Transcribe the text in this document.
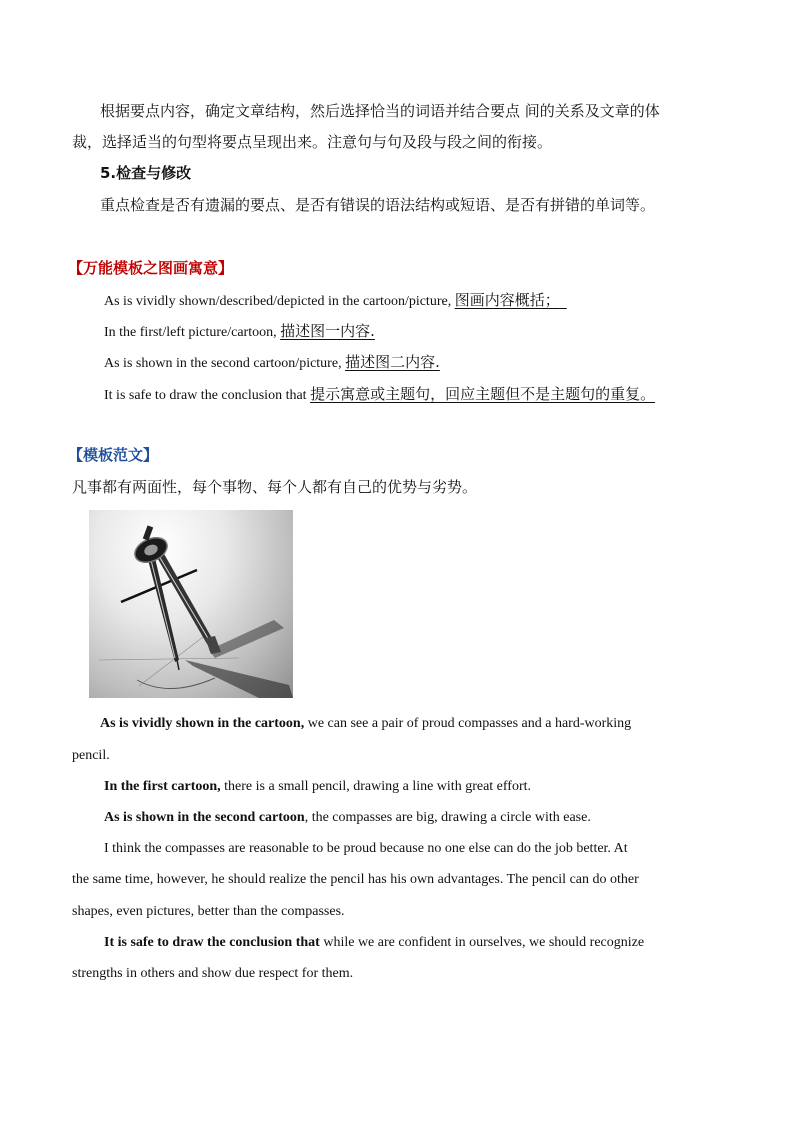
根据要点内容，确定文章结构，然后选择恰当的词语并结合要点 间的关系及文章的体
裁，选择适当的句型将要点呈现出来。注意句与句及段与段之间的衔接。
5.检查与修改
重点检查是否有遗漏的要点、是否有错误的语法结构或短语、是否有拼错的单词等。
【万能模板之图画寓意】
As is vividly shown/described/depicted in the cartoon/picture, 图画内容概括；
In the first/left picture/cartoon, 描述图一内容.
As is shown in the second cartoon/picture, 描述图二内容.
It is safe to draw the conclusion that 提示寓意或主题句，回应主题但不是主题句的重复。
【模板范文】
凡事都有两面性，每个事物、每个人都有自己的优势与劣势。
As is vividly shown in the cartoon, we can see a pair of proud compasses and a hard-working
pencil.
In the first cartoon, there is a small pencil, drawing a line with great effort.
As is shown in the second cartoon, the compasses are big, drawing a circle with ease.
I think the compasses are reasonable to be proud because no one else can do the job better. At
the same time, however, he should realize the pencil has his own advantages. The pencil can do other
shapes, even pictures, better than the compasses.
It is safe to draw the conclusion that while we are confident in ourselves, we should recognize
strengths in others and show due respect for them.
